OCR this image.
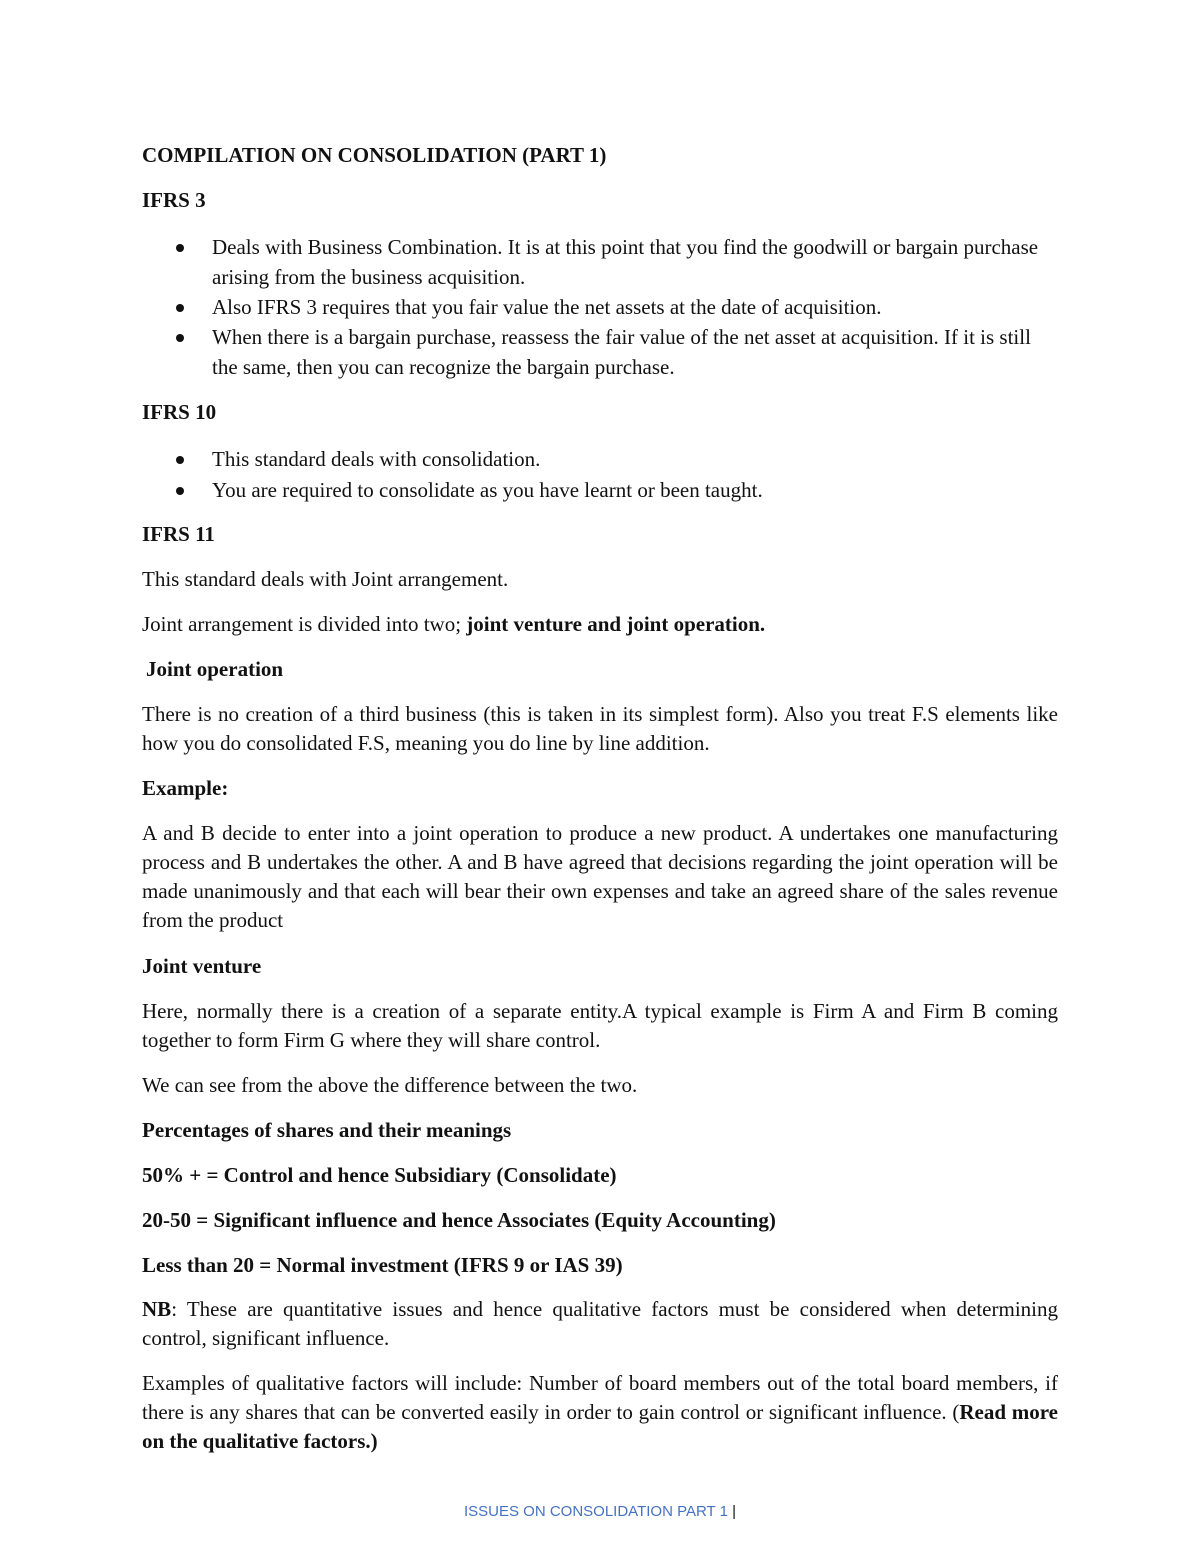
COMPILATION ON CONSOLIDATION (PART 1)
IFRS 3
Deals with Business Combination. It is at this point that you find the goodwill or bargain purchase arising from the business acquisition.
Also IFRS 3 requires that you fair value the net assets at the date of acquisition.
When there is a bargain purchase, reassess the fair value of the net asset at acquisition. If it is still the same, then you can recognize the bargain purchase.
IFRS 10
This standard deals with consolidation.
You are required to consolidate as you have learnt or been taught.
IFRS 11
This standard deals with Joint arrangement.
Joint arrangement is divided into two; joint venture and joint operation.
Joint operation
There is no creation of a third business (this is taken in its simplest form). Also you treat F.S elements like how you do consolidated F.S, meaning you do line by line addition.
Example:
A and B decide to enter into a joint operation to produce a new product. A undertakes one manufacturing process and B undertakes the other. A and B have agreed that decisions regarding the joint operation will be made unanimously and that each will bear their own expenses and take an agreed share of the sales revenue from the product
Joint venture
Here, normally there is a creation of a separate entity.A typical example is Firm A and Firm B coming together to form Firm G where they will share control.
We can see from the above the difference between the two.
Percentages of shares and their meanings
50% + = Control and hence Subsidiary (Consolidate)
20-50 = Significant influence and hence Associates (Equity Accounting)
Less than 20 = Normal investment (IFRS 9 or IAS 39)
NB: These are quantitative issues and hence qualitative factors must be considered when determining control, significant influence.
Examples of qualitative factors will include: Number of board members out of the total board members, if there is any shares that can be converted easily in order to gain control or significant influence. (Read more on the qualitative factors.)
ISSUES ON CONSOLIDATION PART 1 |
